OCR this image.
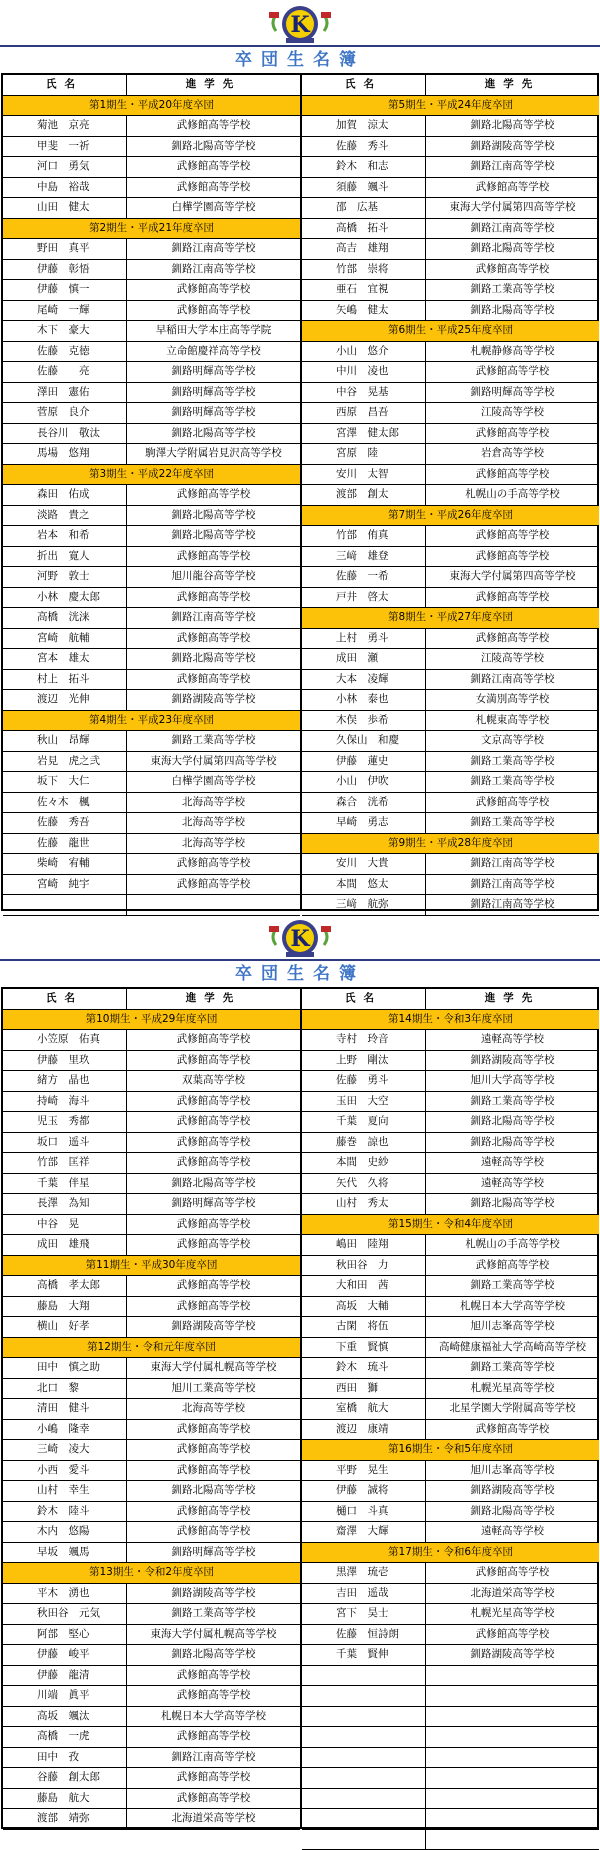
K
卒団生名簿
氏名	進学先
第1期生・平成20年度卒団
菊池　京亮	武修館高等学校
甲斐　一祈	釧路北陽高等学校
河口　勇気	武修館高等学校
中島　裕哉	武修館高等学校
山田　健太	白樺学園高等学校
第2期生・平成21年度卒団
野田　真平	釧路江南高等学校
伊藤　彰悟	釧路江南高等学校
伊藤　慎一	武修館高等学校
尾崎　一輝	武修館高等学校
木下　豪大	早稲田大学本庄高等学院
佐藤　克徳	立命館慶祥高等学校
佐藤　　亮	釧路明輝高等学校
澤田　憲佑	釧路明輝高等学校
菅原　良介	釧路明輝高等学校
長谷川　敬汰	釧路北陽高等学校
馬場　悠翔	駒澤大学附属岩見沢高等学校
第3期生・平成22年度卒団
森田　佑成	武修館高等学校
淡路　貴之	釧路北陽高等学校
岩本　和希	釧路北陽高等学校
折出　寛人	武修館高等学校
河野　敦士	旭川龍谷高等学校
小林　慶太郎	武修館高等学校
高橋　洸涞	釧路江南高等学校
宮崎　航輔	武修館高等学校
宮本　雄太	釧路北陽高等学校
村上　拓斗	武修館高等学校
渡辺　光伸	釧路湖陵高等学校
第4期生・平成23年度卒団
秋山　昂輝	釧路工業高等学校
岩見　虎之弐	東海大学付属第四高等学校
坂下　大仁	白樺学園高等学校
佐々木　楓	北海高等学校
佐藤　秀吾	北海高等学校
佐藤　龍世	北海高等学校
柴崎　宥輔	武修館高等学校
宮崎　純宇	武修館高等学校
氏名	進学先
第5期生・平成24年度卒団
加賀　涼太	釧路北陽高等学校
佐藤　秀斗	釧路湖陵高等学校
鈴木　和志	釧路江南高等学校
須藤　颯斗	武修館高等学校
邵　広基	東海大学付属第四高等学校
高橋　拓斗	釧路江南高等学校
高吉　雄翔	釧路北陽高等学校
竹部　崇将	武修館高等学校
亜石　宜視	釧路工業高等学校
矢嶋　健太	釧路北陽高等学校
第6期生・平成25年度卒団
小山　悠介	札幌静修高等学校
中川　凌也	武修館高等学校
中谷　晃基	釧路明輝高等学校
西原　昌吾	江陵高等学校
宮澤　健太郎	武修館高等学校
宮原　陸	岩倉高等学校
安川　太智	武修館高等学校
渡部　創太	札幌山の手高等学校
第7期生・平成26年度卒団
竹部　侑真	武修館高等学校
三﨑　雄登	武修館高等学校
佐藤　一希	東海大学付属第四高等学校
戸井　啓太	武修館高等学校
第8期生・平成27年度卒団
上村　勇斗	武修館高等学校
成田　瀬	江陵高等学校
大本　凌輝	釧路江南高等学校
小林　泰也	女満別高等学校
木俣　歩希	札幌東高等学校
久保山　和慶	文京高等学校
伊藤　蓮史	釧路工業高等学校
小山　伊吹	釧路工業高等学校
森合　洸希	武修館高等学校
早崎　勇志	釧路工業高等学校
第9期生・平成28年度卒団
安川　大貴	釧路江南高等学校
本間　悠太	釧路江南高等学校
三﨑　航弥	釧路江南高等学校
K
卒団生名簿
氏名	進学先
第10期生・平成29年度卒団
小笠原　佑真	武修館高等学校
伊藤　里玖	武修館高等学校
緒方　晶也	双葉高等学校
持崎　海斗	武修館高等学校
児玉　秀都	武修館高等学校
坂口　遥斗	武修館高等学校
竹部　匡祥	武修館高等学校
千葉　伴星	釧路北陽高等学校
長澤　為知	釧路明輝高等学校
中谷　晃	武修館高等学校
成田　雄飛	武修館高等学校
第11期生・平成30年度卒団
高橋　孝太郎	武修館高等学校
藤島　大翔	武修館高等学校
横山　好孝	釧路湖陵高等学校
第12期生・令和元年度卒団
田中　慎之助	東海大学付属札幌高等学校
北口　黎	旭川工業高等学校
清田　健斗	北海高等学校
小嶋　隆幸	武修館高等学校
三崎　凌大	武修館高等学校
小西　愛斗	武修館高等学校
山村　幸生	釧路北陽高等学校
鈴木　陸斗	武修館高等学校
木内　悠陽	武修館高等学校
早坂　颯馬	釧路明輝高等学校
第13期生・令和2年度卒団
平木　湧也	釧路湖陵高等学校
秋田谷　元気	釧路工業高等学校
阿部　堅心	東海大学付属札幌高等学校
伊藤　峻平	釧路北陽高等学校
伊藤　龍清	武修館高等学校
川端　眞平	武修館高等学校
高坂　颯汰	札幌日本大学高等学校
高橋　一虎	武修館高等学校
田中　孜	釧路江南高等学校
谷藤　創太郎	武修館高等学校
藤島　航大	武修館高等学校
渡部　靖弥	北海道栄高等学校
氏名	進学先
第14期生・令和3年度卒団
寺村　玲音	遠軽高等学校
上野　剛汰	釧路湖陵高等学校
佐藤　勇斗	旭川大学高等学校
玉田　大空	釧路工業高等学校
千葉　夏向	釧路北陽高等学校
藤巻　諒也	釧路北陽高等学校
本間　史紗	遠軽高等学校
矢代　久将	遠軽高等学校
山村　秀太	釧路北陽高等学校
第15期生・令和4年度卒団
嶋田　陸翔	札幌山の手高等学校
秋田谷　力	武修館高等学校
大和田　茜	釧路工業高等学校
高坂　大輔	札幌日本大学高等学校
古閑　将伍	旭川志峯高等学校
下重　賢慎	高崎健康福祉大学高崎高等学校
鈴木　琉斗	釧路工業高等学校
西田　獅	札幌光星高等学校
室橋　航大	北星学園大学附属高等学校
渡辺　康靖	武修館高等学校
第16期生・令和5年度卒団
平野　晃生	旭川志峯高等学校
伊藤　誠将	釧路湖陵高等学校
樋口　斗真	釧路北陽高等学校
齋澤　大輝	遠軽高等学校
第17期生・令和6年度卒団
黒澤　琉壱	武修館高等学校
吉田　遥哉	北海道栄高等学校
宮下　昊士	札幌光星高等学校
佐藤　恒詩朗	武修館高等学校
千葉　賢伸	釧路湖陵高等学校
